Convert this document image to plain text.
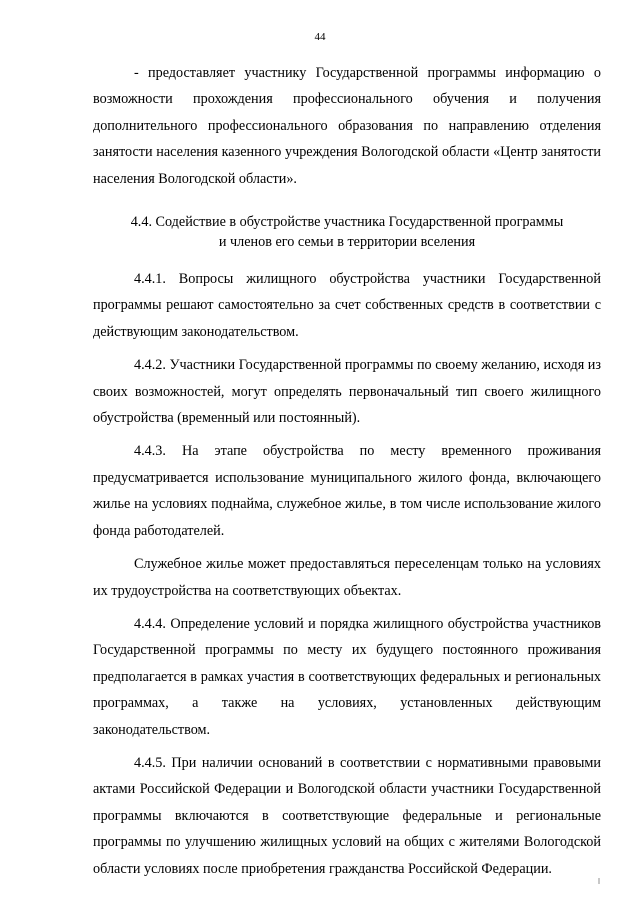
44

- предоставляет участнику Государственной программы информацию о возможности прохождения профессионального обучения и получения дополнительного профессионального образования по направлению отделения занятости населения казенного учреждения Вологодской области «Центр занятости населения Вологодской области».

4.4. Содействие в обустройстве участника Государственной программы
и членов его семьи в территории вселения

4.4.1. Вопросы жилищного обустройства участники Государственной программы решают самостоятельно за счет собственных средств в соответствии с действующим законодательством.

4.4.2. Участники Государственной программы по своему желанию, исходя из своих возможностей, могут определять первоначальный тип своего жилищного обустройства (временный или постоянный).

4.4.3. На этапе обустройства по месту временного проживания предусматривается использование муниципального жилого фонда, включающего жилье на условиях поднайма, служебное жилье, в том числе использование жилого фонда работодателей.

Служебное жилье может предоставляться переселенцам только на условиях их трудоустройства на соответствующих объектах.

4.4.4. Определение условий и порядка жилищного обустройства участников Государственной программы по месту их будущего постоянного проживания предполагается в рамках участия в соответствующих федеральных и региональных программах, а также на условиях, установленных действующим законодательством.

4.4.5. При наличии оснований в соответствии с нормативными правовыми актами Российской Федерации и Вологодской области участники Государственной программы включаются в соответствующие федеральные и региональные программы по улучшению жилищных условий на общих с жителями Вологодской области условиях после приобретения гражданства Российской Федерации.
